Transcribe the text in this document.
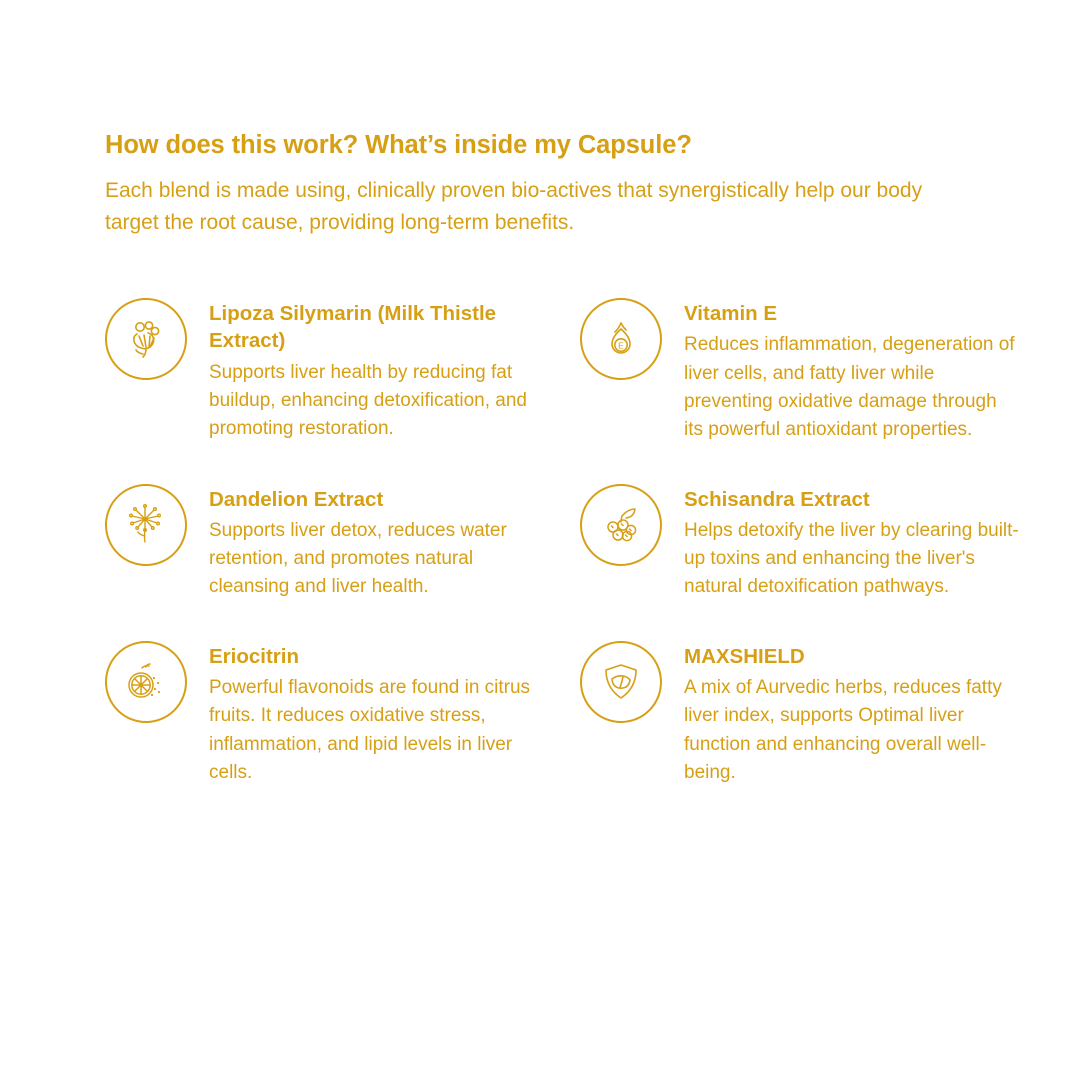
How does this work? What’s inside my Capsule?

Each blend is made using, clinically proven bio-actives that synergistically help our body target the root cause, providing long-term benefits.

Lipoza Silymarin (Milk Thistle Extract)
Supports liver health by reducing fat buildup, enhancing detoxification, and promoting restoration.
E
Vitamin E
Reduces inflammation, degeneration of liver cells, and fatty liver while preventing oxidative damage through its powerful antioxidant properties.
Dandelion Extract
Supports liver detox, reduces water retention, and promotes natural cleansing and liver health.
Schisandra Extract
Helps detoxify the liver by clearing built-up toxins and enhancing the liver's natural detoxification pathways.
Eriocitrin
Powerful flavonoids are found in citrus fruits. It reduces oxidative stress, inflammation, and lipid levels in liver cells.
MAXSHIELD
A mix of Aurvedic herbs, reduces fatty liver index, supports Optimal liver function and enhancing overall well-being.
